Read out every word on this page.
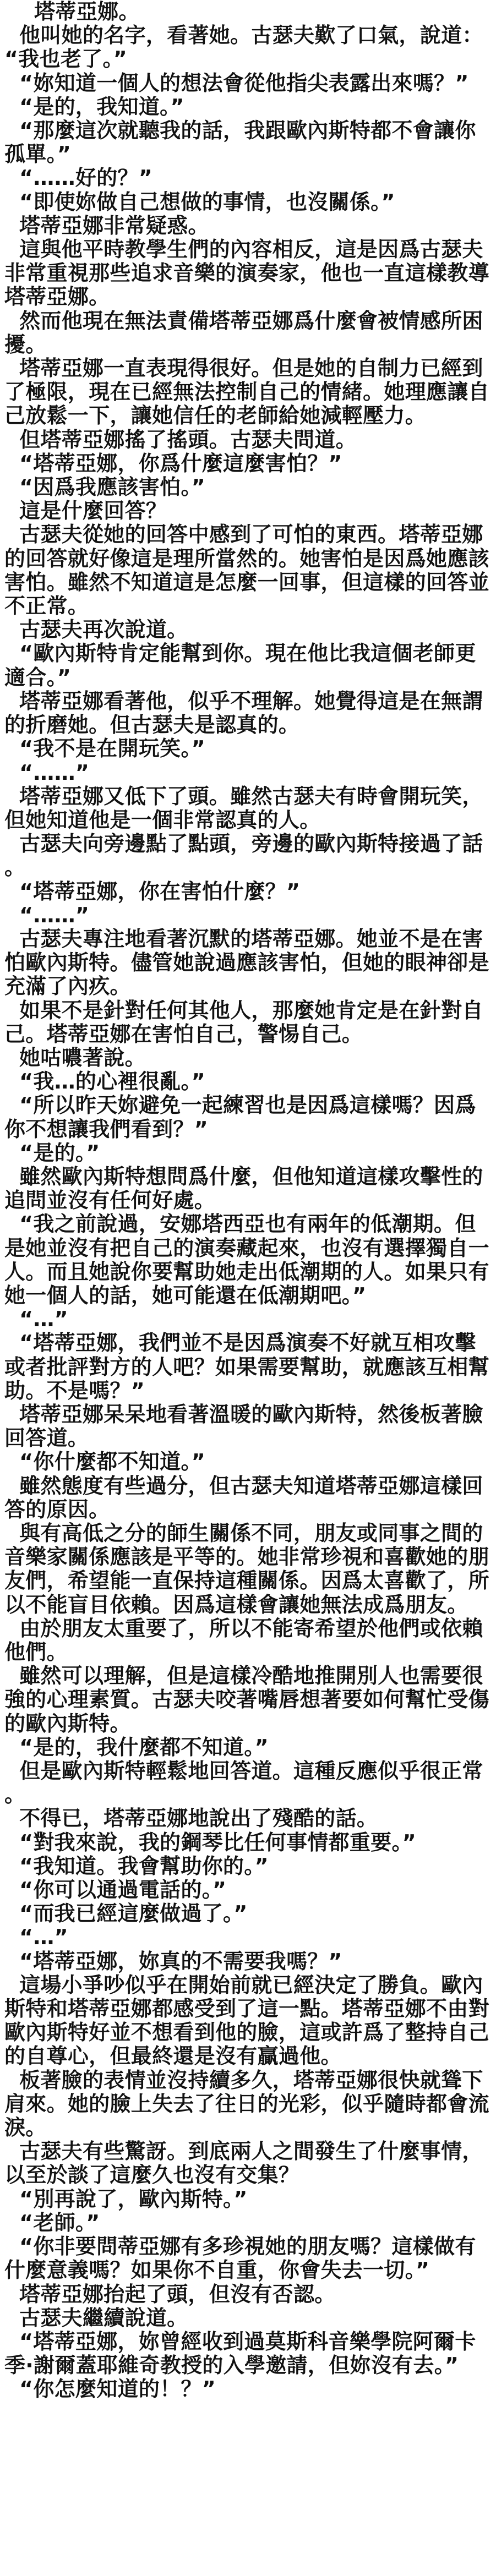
塔蒂亞娜。

他叫她的名字，看著她。古瑟夫歎了口氣，說道：“我也老了。”

“妳知道一個人的想法會從他指尖表露出來嗎？”

“是的，我知道。”

“那麼這次就聽我的話，我跟歐內斯特都不會讓你孤單。”

“……好的？”

“即使妳做自己想做的事情，也沒關係。”

塔蒂亞娜非常疑惑。

這與他平時教學生們的內容相反，這是因爲古瑟夫非常重視那些追求音樂的演奏家，他也一直這樣教導塔蒂亞娜。

然而他現在無法責備塔蒂亞娜爲什麼會被情感所困擾。

塔蒂亞娜一直表現得很好。但是她的自制力已經到了極限，現在已經無法控制自己的情緒。她理應讓自己放鬆一下，讓她信任的老師給她減輕壓力。

但塔蒂亞娜搖了搖頭。古瑟夫問道。

“塔蒂亞娜，你爲什麼這麼害怕？”

“因爲我應該害怕。”

這是什麼回答？

古瑟夫從她的回答中感到了可怕的東西。塔蒂亞娜的回答就好像這是理所當然的。她害怕是因爲她應該害怕。雖然不知道這是怎麼一回事，但這樣的回答並不正常。

古瑟夫再次說道。

“歐內斯特肯定能幫到你。現在他比我這個老師更適合。”

塔蒂亞娜看著他，似乎不理解。她覺得這是在無謂的折磨她。但古瑟夫是認真的。

“我不是在開玩笑。”

“……”

塔蒂亞娜又低下了頭。雖然古瑟夫有時會開玩笑，但她知道他是一個非常認真的人。

古瑟夫向旁邊點了點頭，旁邊的歐內斯特接過了話。

“塔蒂亞娜，你在害怕什麼？”

“……”

古瑟夫專注地看著沉默的塔蒂亞娜。她並不是在害怕歐內斯特。儘管她說過應該害怕，但她的眼神卻是充滿了內疚。

如果不是針對任何其他人，那麼她肯定是在針對自己。塔蒂亞娜在害怕自己，警惕自己。

她咕噥著說。

“我…的心裡很亂。”

“所以昨天妳避免一起練習也是因爲這樣嗎？因爲你不想讓我們看到？”

“是的。”

雖然歐內斯特想問爲什麼，但他知道這樣攻擊性的追問並沒有任何好處。

“我之前說過，安娜塔西亞也有兩年的低潮期。但是她並沒有把自己的演奏藏起來，也沒有選擇獨自一人。而且她說你要幫助她走出低潮期的人。如果只有她一個人的話，她可能還在低潮期吧。”

“…”

“塔蒂亞娜，我們並不是因爲演奏不好就互相攻擊或者批評對方的人吧？如果需要幫助，就應該互相幫助。不是嗎？”

塔蒂亞娜呆呆地看著溫暖的歐內斯特，然後板著臉回答道。

“你什麼都不知道。”

雖然態度有些過分，但古瑟夫知道塔蒂亞娜這樣回答的原因。

與有高低之分的師生關係不同，朋友或同事之間的音樂家關係應該是平等的。她非常珍視和喜歡她的朋友們，希望能一直保持這種關係。因爲太喜歡了，所以不能盲目依賴。因爲這樣會讓她無法成爲朋友。

由於朋友太重要了，所以不能寄希望於他們或依賴他們。

雖然可以理解，但是這樣冷酷地推開別人也需要很強的心理素質。古瑟夫咬著嘴唇想著要如何幫忙受傷的歐內斯特。

“是的，我什麼都不知道。”

但是歐內斯特輕鬆地回答道。這種反應似乎很正常。

不得已，塔蒂亞娜地說出了殘酷的話。

“對我來說，我的鋼琴比任何事情都重要。”

“我知道。我會幫助你的。”

“你可以通過電話的。”

“而我已經這麼做過了。”

“…”

“塔蒂亞娜，妳真的不需要我嗎？”

這場小爭吵似乎在開始前就已經決定了勝負。歐內斯特和塔蒂亞娜都感受到了這一點。塔蒂亞娜不由對歐內斯特好並不想看到他的臉，這或許爲了整持自己的自尊心，但最終還是沒有贏過他。

板著臉的表情並沒持續多久，塔蒂亞娜很快就聳下肩來。她的臉上失去了往日的光彩，似乎隨時都會流淚。

古瑟夫有些驚訝。到底兩人之間發生了什麼事情，以至於談了這麼久也沒有交集？

“別再說了，歐內斯特。”

“老師。”

“你非要問蒂亞娜有多珍視她的朋友嗎？這樣做有什麼意義嗎？如果你不自重，你會失去一切。”

塔蒂亞娜抬起了頭，但沒有否認。

古瑟夫繼續說道。

“塔蒂亞娜，妳曾經收到過莫斯科音樂學院阿爾卡季·謝爾蓋耶維奇教授的入學邀請，但妳沒有去。”

“你怎麼知道的！？”
